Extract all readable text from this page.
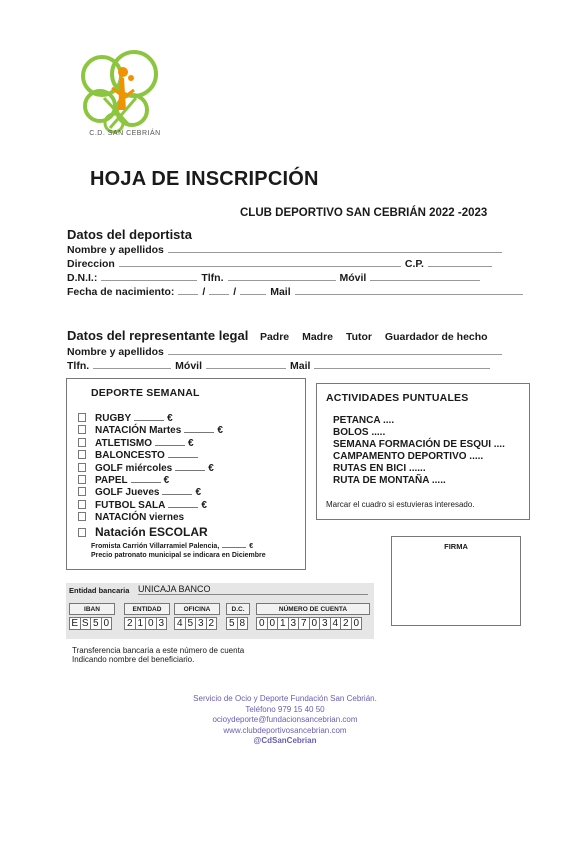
C.D. SAN CEBRIÁN
HOJA DE INSCRIPCIÓN
CLUB DEPORTIVO SAN CEBRIÁN 2022 -2023
Datos del deportista
Nombre y apellidos
Direccion	C.P.
D.N.I.:	Tlfn.	Móvil
Fecha de nacimiento:	/	/	Mail
Datos del representante legal Padre Madre Tutor Guardador de hecho
Nombre y apellidos
Tlfn.	Móvil	Mail
DEPORTE SEMANAL
RUGBY	€
NATACIÓN Martes	€
ATLETISMO	€
BALONCESTO
GOLF miércoles	€
PAPEL	€
GOLF Jueves	€
FUTBOL SALA	€
NATACIÓN viernes
Natación ESCOLAR
Fromista Carrión Villarramiel Palencia,	€
Precio patronato municipal se indicara en Diciembre
ACTIVIDADES PUNTUALES
PETANCA ....
BOLOS .....
SEMANA FORMACIÓN DE ESQUI ....
CAMPAMENTO DEPORTIVO .....
RUTAS EN BICI ......
RUTA DE MONTAÑA .....
Marcar el cuadro si estuvieras interesado.
FIRMA
Entidad bancaria UNICAJA BANCO
IBAN
E S 5 0
ENTIDAD
2 1 0 3
OFICINA
4 5 3 2
D.C.
5 8
NÚMERO DE CUENTA
0 0 1 3 7 0 3 4 2 0
Transferencia bancaria a este número de cuenta
Indicando nombre del beneficiario.
Servicio de Ocio y Deporte Fundación San Cebrián.
Teléfono 979 15 40 50
ocioydeporte@fundacionsancebrian.com
www.clubdeportivosancebrian.com
@CdSanCebrian
